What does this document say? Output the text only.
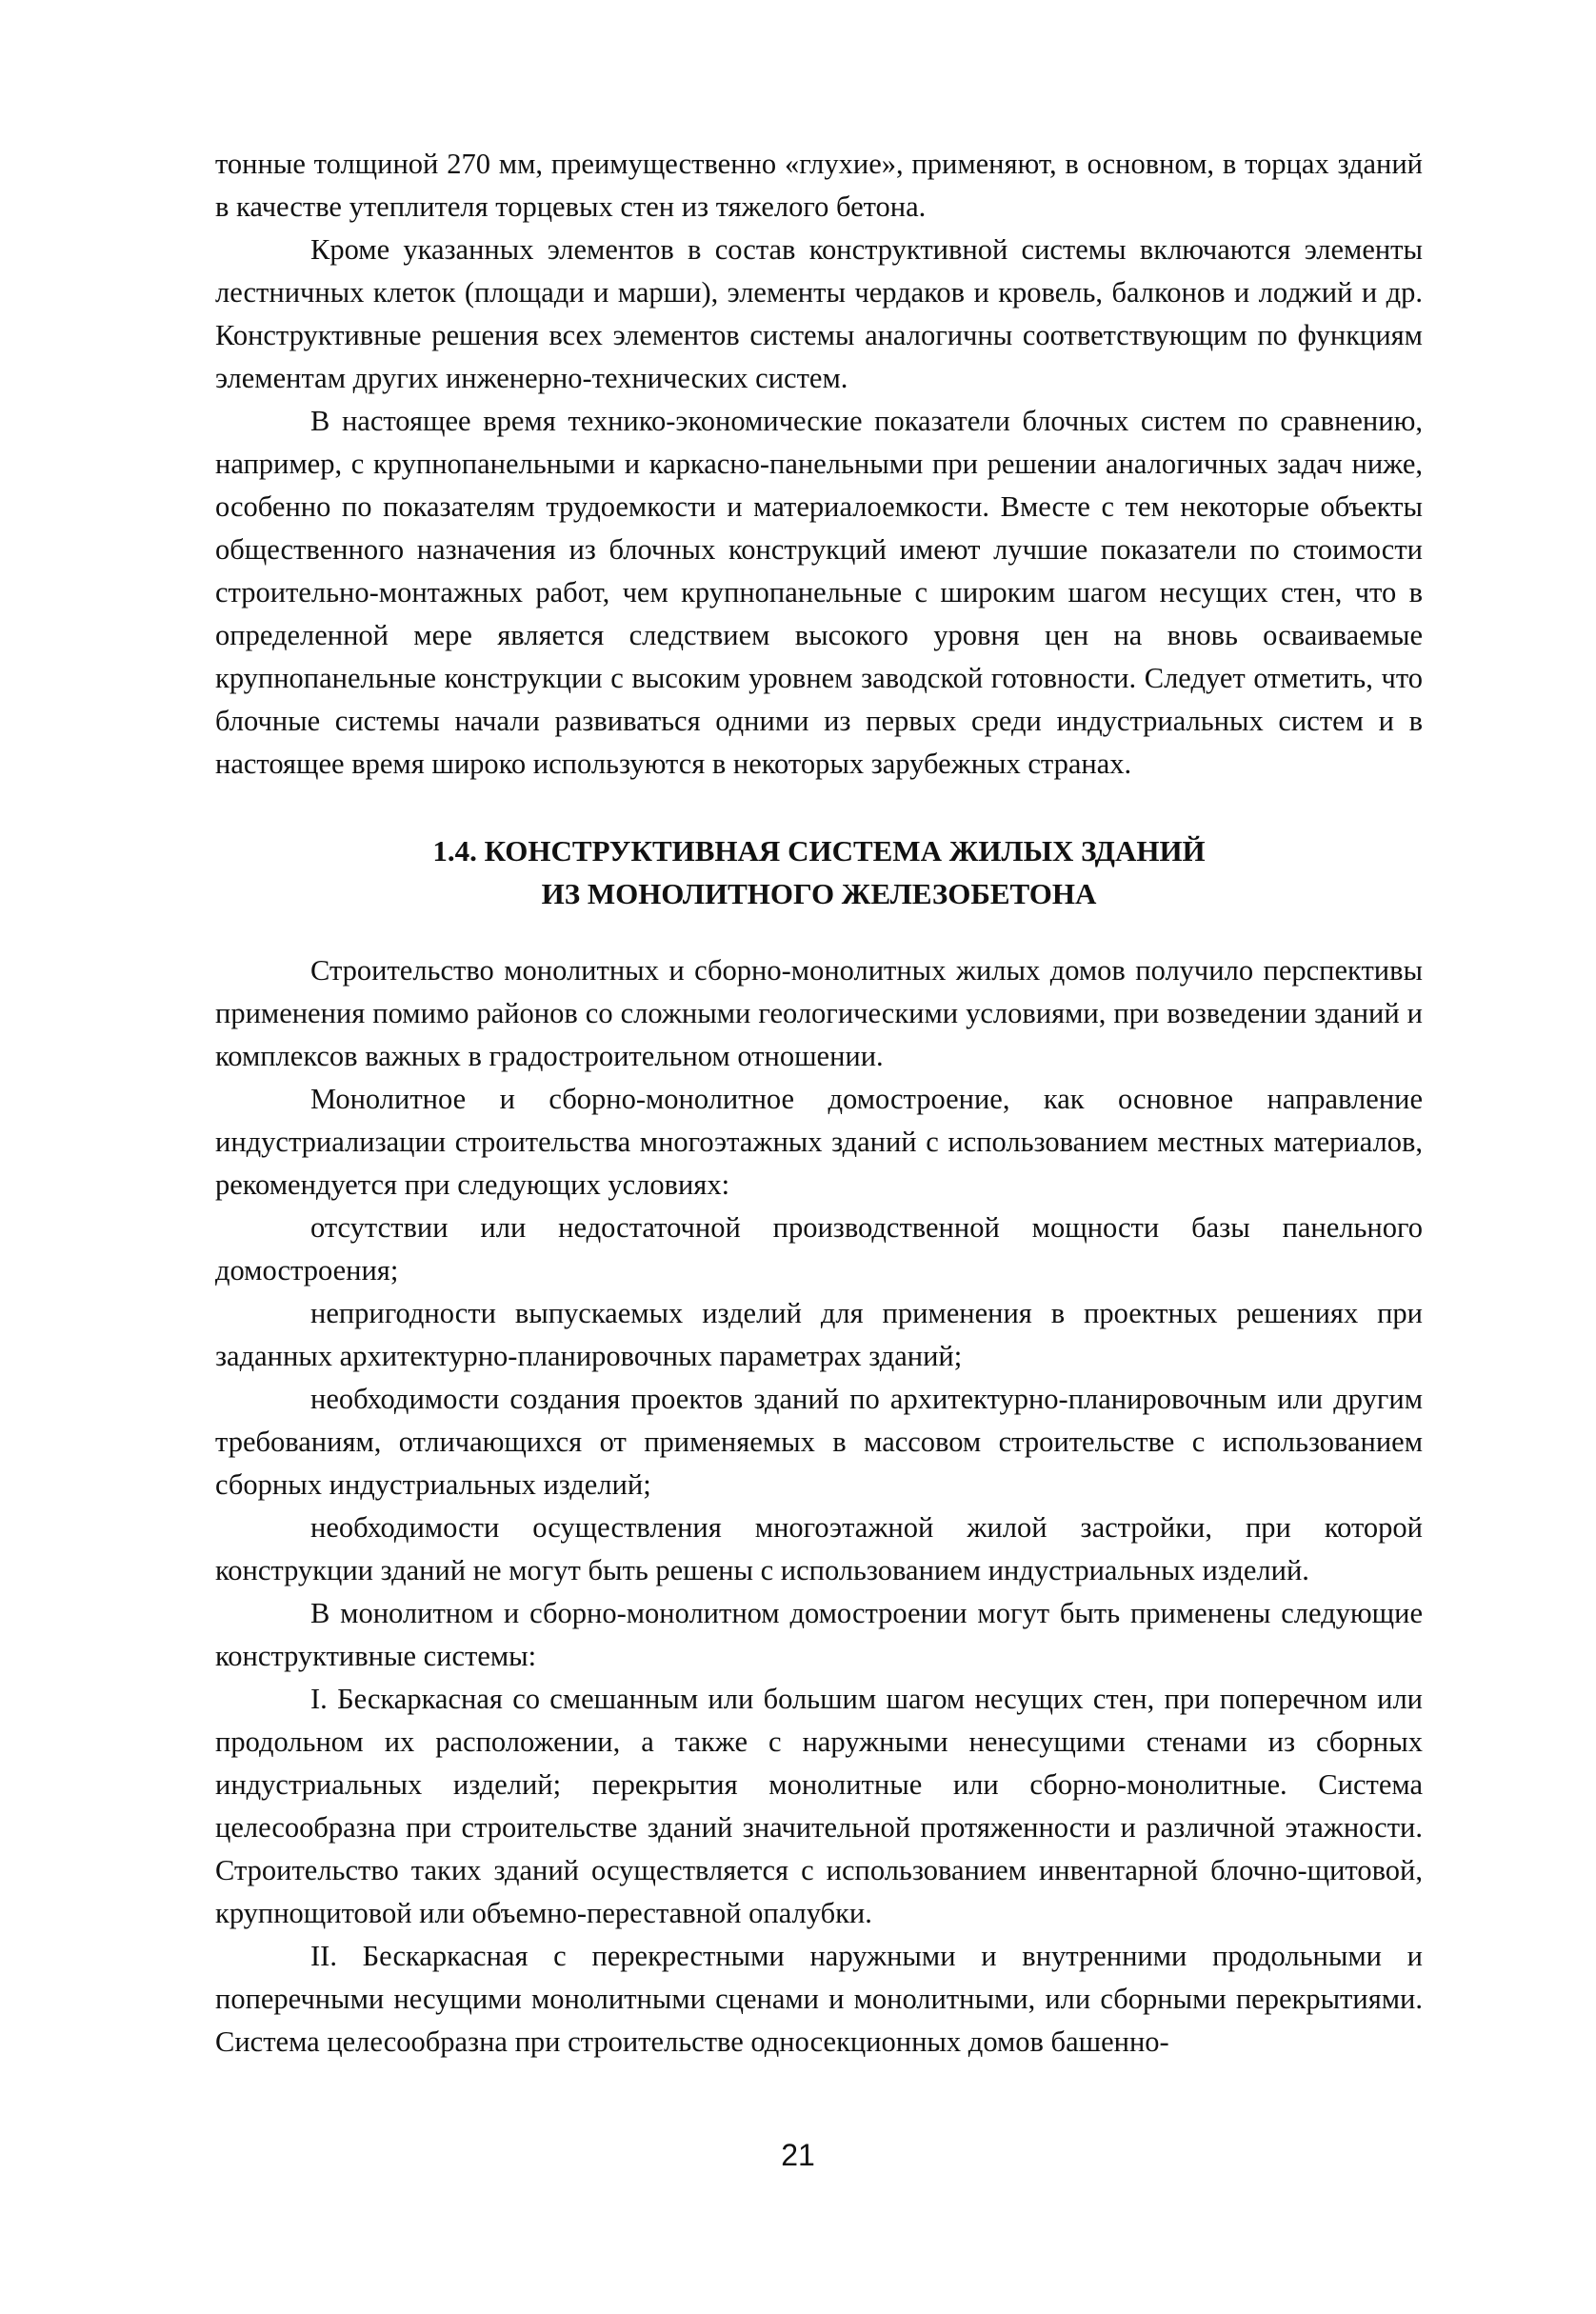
тонные толщиной 270 мм, преимущественно «глухие», применяют, в основном, в торцах зданий в качестве утеплителя торцевых стен из тяжелого бетона.

Кроме указанных элементов в состав конструктивной системы включаются элементы лестничных клеток (площади и марши), элементы чердаков и кровель, балконов и лоджий и др. Конструктивные решения всех элементов системы аналогичны соответствующим по функциям элементам других инженерно-технических систем.

В настоящее время технико-экономические показатели блочных систем по сравнению, например, с крупнопанельными и каркасно-панельными при решении аналогичных задач ниже, особенно по показателям трудоемкости и материалоемкости. Вместе с тем некоторые объекты общественного назначения из блочных конструкций имеют лучшие показатели по стоимости строительно-монтажных работ, чем крупнопанельные с широким шагом несущих стен, что в определенной мере является следствием высокого уровня цен на вновь осваиваемые крупнопанельные конструкции с высоким уровнем заводской готовности. Следует отметить, что блочные системы начали развиваться одними из первых среди индустриальных систем и в настоящее время широко используются в некоторых зарубежных странах.

1.4. КОНСТРУКТИВНАЯ СИСТЕМА ЖИЛЫХ ЗДАНИЙ
ИЗ МОНОЛИТНОГО ЖЕЛЕЗОБЕТОНА

Строительство монолитных и сборно-монолитных жилых домов получило перспективы применения помимо районов со сложными геологическими условиями, при возведении зданий и комплексов важных в градостроительном отношении.

Монолитное и сборно-монолитное домостроение, как основное направление индустриализации строительства многоэтажных зданий с использованием местных материалов, рекомендуется при следующих условиях:

отсутствии или недостаточной производственной мощности базы панельного домостроения;

непригодности выпускаемых изделий для применения в проектных решениях при заданных архитектурно-планировочных параметрах зданий;

необходимости создания проектов зданий по архитектурно-планировочным или другим требованиям, отличающихся от применяемых в массовом строительстве с использованием сборных индустриальных изделий;

необходимости осуществления многоэтажной жилой застройки, при которой конструкции зданий не могут быть решены с использованием индустриальных изделий.

В монолитном и сборно-монолитном домостроении могут быть применены следующие конструктивные системы:

I. Бескаркасная со смешанным или большим шагом несущих стен, при поперечном или продольном их расположении, а также с наружными ненесущими стенами из сборных индустриальных изделий; перекрытия монолитные или сборно-монолитные. Система целесообразна при строительстве зданий значительной протяженности и различной этажности. Строительство таких зданий осуществляется с использованием инвентарной блочно-щитовой, крупнощитовой или объемно-переставной опалубки.

II. Бескаркасная с перекрестными наружными и внутренними продольными и поперечными несущими монолитными сценами и монолитными, или сборными перекрытиями. Система целесообразна при строительстве односекционных домов башенно-

21
